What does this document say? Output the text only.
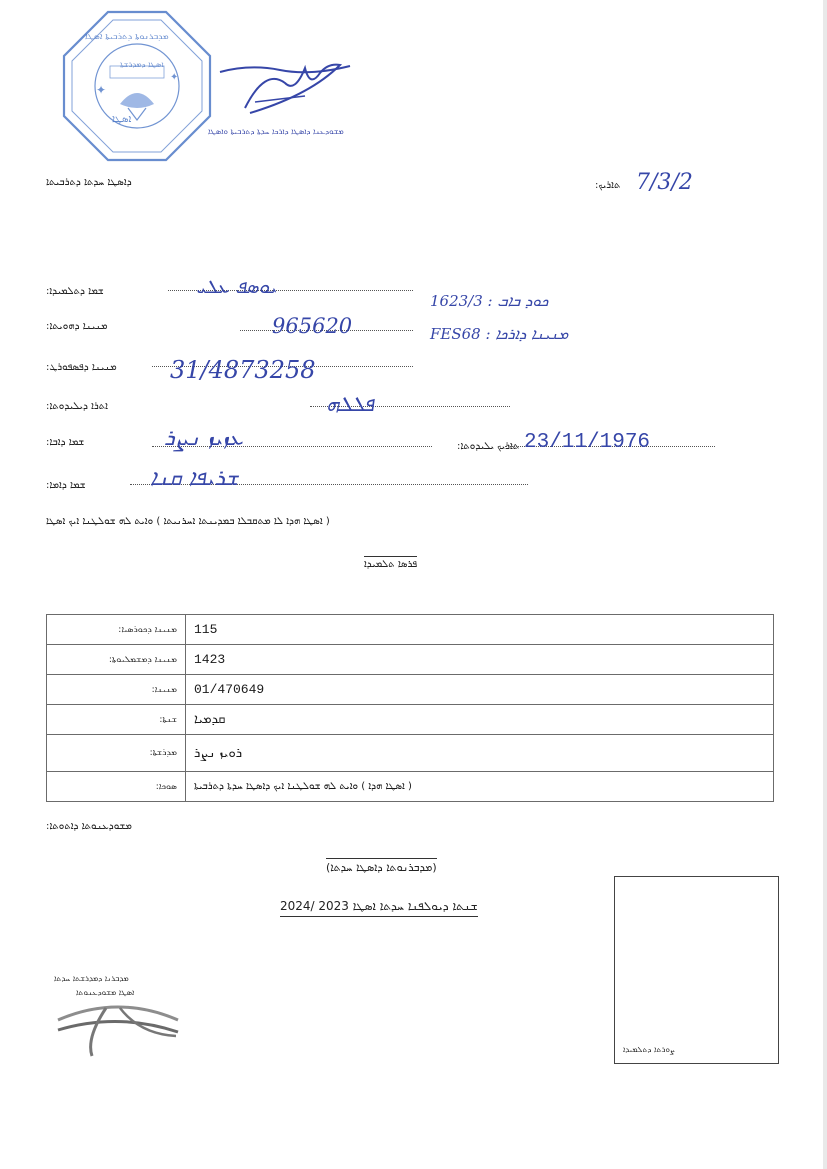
✦
✦
ܡܕܒܪܢܘܬܐ ܕܬܪܒܝܬܐ ܐܣܛܐ
ܐܣܛܐ
ܐܣܛܐ ܕܡܕܪܫܬܐ
ܡܫܘܕܥܢܐ ܕܐܣܛܐ ܕܐܪܟܐ ܚܕܬܐ ܕܬܪܒܝܬܐ ܘܐܣܛܐ
ܕܐܣܛܐ ܚܕܬܐ ܕܬܪܒܝܬܐ	ܬܐܪܝܟ: 7/3/2
ܫܡܐ ܕܬܠܡܝܕܐ:	ܝܘܣܦ ܥܠܝ
ܟܘܕ ܒܐܒ : 1623/3
ܡܢܝܢܐ ܕܗܘܝܬܐ:	965620	ܡܢܝܢܐ ܕܐܪܟܐ : FES68
ܡܢܝܢܐ ܕܦܣܦܘܪܛ: 31/4873258
ܐܬܪܐ ܕܝܠܝܕܘܬܐ:	ܦܠܠܗ
ܫܡܐ ܕܐܒܐ:	ܥܙܝܙ ܢܨܪ	ܬܐܪܝܟ ܝܠܝܕܘܬܐ: 23/11/1976
ܫܡܐ ܕܐܡܐ:	ܫܪܝܦܐ ܩܢܐ
( ܐܣܛܐ ܗܕܐ ܠܐ ܡܬܩܒܠܐ ܒܡܕܝܢܬܐ ܐܚܪܢܝܬܐ ) ܘܐܝܬ ܠܗ ܫܘܠܛܢܐ ܐܝܟ ܐܣܛܐ
ܦܪܣܐ ܬܠܡܝܕܐ
ܡܢܝܢܐ ܕܟܘܪܣܝܐ:	115
ܡܢܝܢܐ ܕܡܫܡܠܝܘܬܐ:	1423
ܡܢܝܢܐ:	01/470649
ܫܢܬܐ:	ܩܕܡܝܐ
ܡܕܪܫܬܐ:	ܪܘܝܙ ܢܨܪ
ܣܘܟܐ:	( ܐܣܛܐ ܗܕܐ ) ܘܐܝܬ ܠܗ ܫܘܠܛܢܐ ܐܝܟ ܕܐܣܛܐ ܚܕܬܐ ܕܬܪܒܝܬܐ
ܡܫܘܕܥܢܘܬܐ ܕܐܬܘܬܐ:
(ܡܕܒܪܢܘܬܐ ܕܐܣܛܐ ܚܕܬܐ)
ܫܢܬܐ ܕܝܘܠܦܢܐ ܚܕܬܐ ܐܣܛܐ 2023 /2024
ܡܕܒܪܢܐ ܕܡܕܪܫܬܐ ܚܕܬܐ
ܐܣܛܐ ܡܫܘܕܥܢܘܬܐ
ܨܘܪܬܐ ܕܬܠܡܝܕܐ
